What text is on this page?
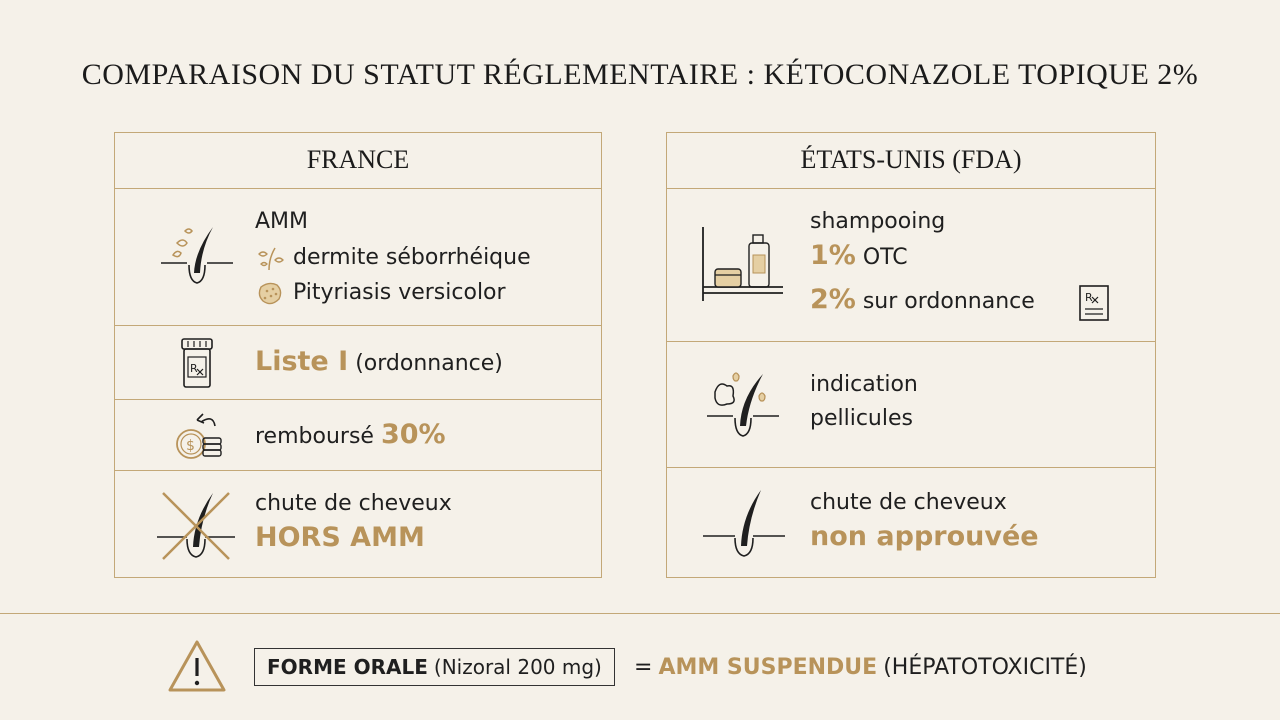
COMPARAISON DU STATUT RÉGLEMENTAIRE : KÉTOCONAZOLE TOPIQUE 2%
FRANCE
AMM
dermite séborrhéique
Pityriasis versicolor
R Liste I (ordonnance)
$	remboursé 30%
chute de cheveux
HORS AMM
ÉTATS-UNIS (FDA)
shampooing
1% OTC
2% sur ordonnance	R
indication
pellicules
chute de cheveux
non approuvée
FORME ORALE (Nizoral 200 mg) = AMM SUSPENDUE (HÉPATOTOXICITÉ)
